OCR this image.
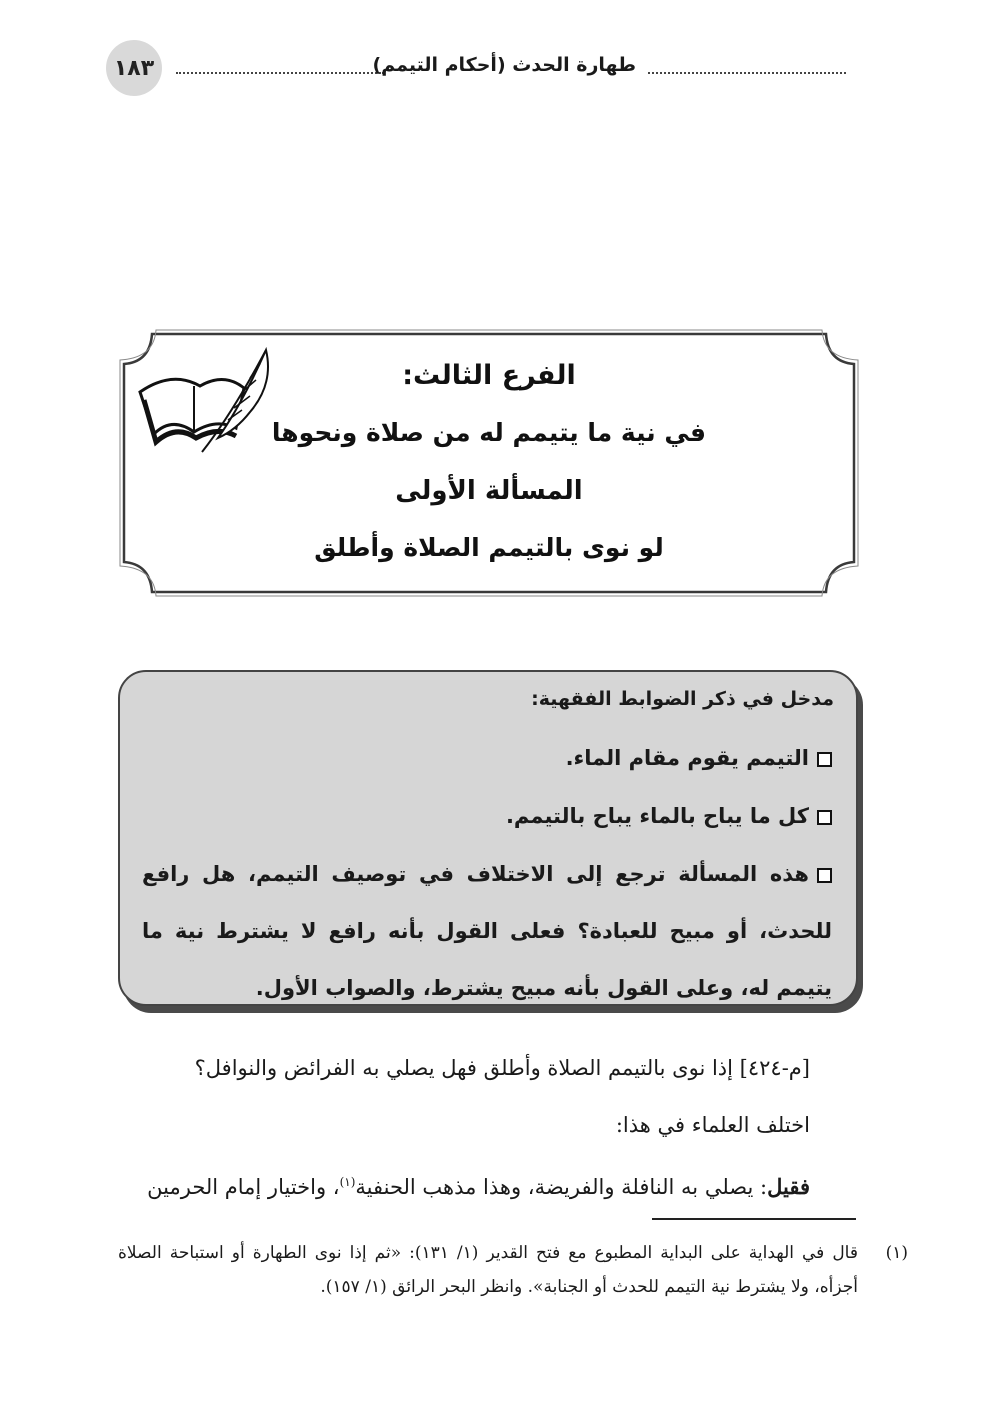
١٨٣	طهارة الحدث (أحكام التيمم)
الفرع الثالث:
في نية ما يتيمم له من صلاة ونحوها
المسألة الأولى
لو نوى بالتيمم الصلاة وأطلق
مدخل في ذكر الضوابط الفقهية:
التيمم يقوم مقام الماء.
كل ما يباح بالماء يباح بالتيمم.
هذه المسألة ترجع إلى الاختلاف في توصيف التيمم، هل رافع للحدث، أو مبيح للعبادة؟ فعلى القول بأنه رافع لا يشترط نية ما يتيمم له، وعلى القول بأنه مبيح يشترط، والصواب الأول.
[م-٤٢٤] إذا نوى بالتيمم الصلاة وأطلق فهل يصلي به الفرائض والنوافل؟
اختلف العلماء في هذا:
فقيل: يصلي به النافلة والفريضة، وهذا مذهب الحنفية$^{(١)}$، واختيار إمام الحرمين
(١)
قال في الهداية على البداية المطبوع مع فتح القدير (١/ ١٣١): «ثم إذا نوى الطهارة أو استباحة الصلاة أجزأه، ولا يشترط نية التيمم للحدث أو الجنابة». وانظر البحر الرائق (١/ ١٥٧).
